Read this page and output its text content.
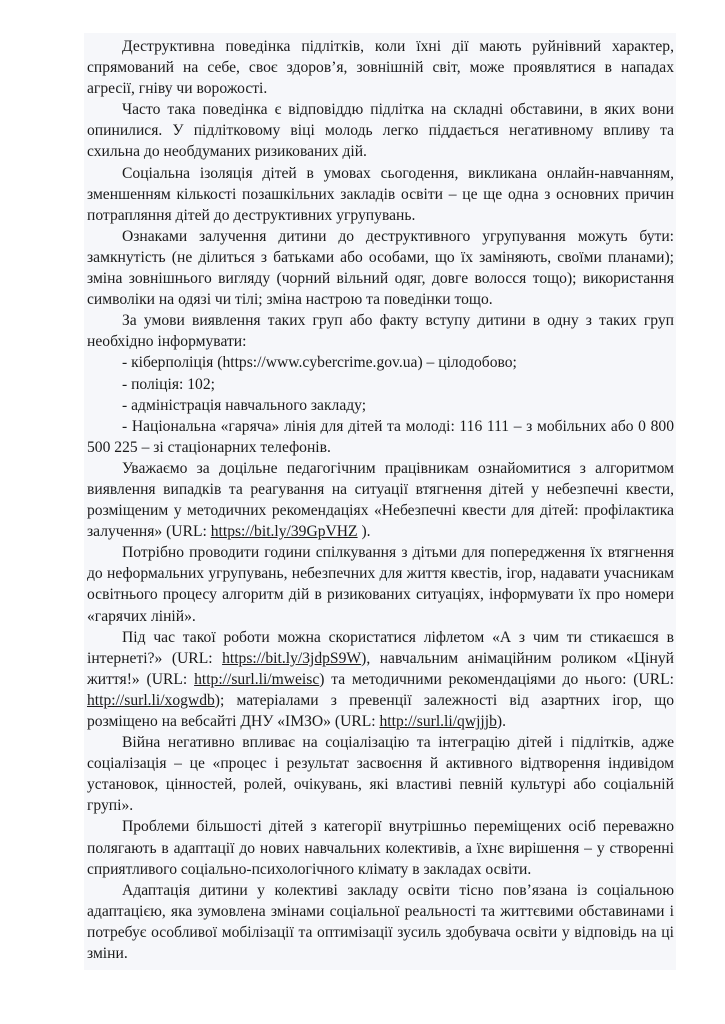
Деструктивна поведінка підлітків, коли їхні дії мають руйнівний характер, спрямований на себе, своє здоров’я, зовнішній світ, може проявлятися в нападах агресії, гніву чи ворожості.

Часто така поведінка є відповіддю підлітка на складні обставини, в яких вони опинилися. У підлітковому віці молодь легко піддається негативному впливу та схильна до необдуманих ризикованих дій.

Соціальна ізоляція дітей в умовах сьогодення, викликана онлайн-навчанням, зменшенням кількості позашкільних закладів освіти – це ще одна з основних причин потрапляння дітей до деструктивних угрупувань.

Ознаками залучення дитини до деструктивного угрупування можуть бути: замкнутість (не ділиться з батьками або особами, що їх заміняють, своїми планами); зміна зовнішнього вигляду (чорний вільний одяг, довге волосся тощо); використання символіки на одязі чи тілі; зміна настрою та поведінки тощо.

За умови виявлення таких груп або факту вступу дитини в одну з таких груп необхідно інформувати:

- кіберполіція (https://www.cybercrime.gov.ua) – цілодобово;

- поліція: 102;

- адміністрація навчального закладу;

- Національна «гаряча» лінія для дітей та молоді: 116 111 – з мобільних або 0 800 500 225 – зі стаціонарних телефонів.

Уважаємо за доцільне педагогічним працівникам ознайомитися з алгоритмом виявлення випадків та реагування на ситуації втягнення дітей у небезпечні квести, розміщеним у методичних рекомендаціях «Небезпечні квести для дітей: профілактика залучення» (URL: https://bit.ly/39GpVHZ ).

Потрібно проводити години спілкування з дітьми для попередження їх втягнення до неформальних угрупувань, небезпечних для життя квестів, ігор, надавати учасникам освітнього процесу алгоритм дій в ризикованих ситуаціях, інформувати їх про номери «гарячих ліній».

Під час такої роботи можна скористатися ліфлетом «А з чим ти стикаєшся в інтернеті?» (URL: https://bit.ly/3jdpS9W), навчальним анімаційним роликом «Цінуй життя!» (URL: http://surl.li/mweisc) та методичними рекомендаціями до нього: (URL: http://surl.li/xogwdb); матеріалами з превенції залежності від азартних ігор, що розміщено на вебсайті ДНУ «ІМЗО» (URL: http://surl.li/qwjjjb).

Війна негативно впливає на соціалізацію та інтеграцію дітей і підлітків, адже соціалізація – це «процес і результат засвоєння й активного відтворення індивідом установок, цінностей, ролей, очікувань, які властиві певній культурі або соціальній групі».

Проблеми більшості дітей з категорії внутрішньо переміщених осіб переважно полягають в адаптації до нових навчальних колективів, а їхнє вирішення – у створенні сприятливого соціально-психологічного клімату в закладах освіти.

Адаптація дитини у колективі закладу освіти тісно пов’язана із соціальною адаптацією, яка зумовлена змінами соціальної реальності та життєвими обставинами і потребує особливої мобілізації та оптимізації зусиль здобувача освіти у відповідь на ці зміни.
